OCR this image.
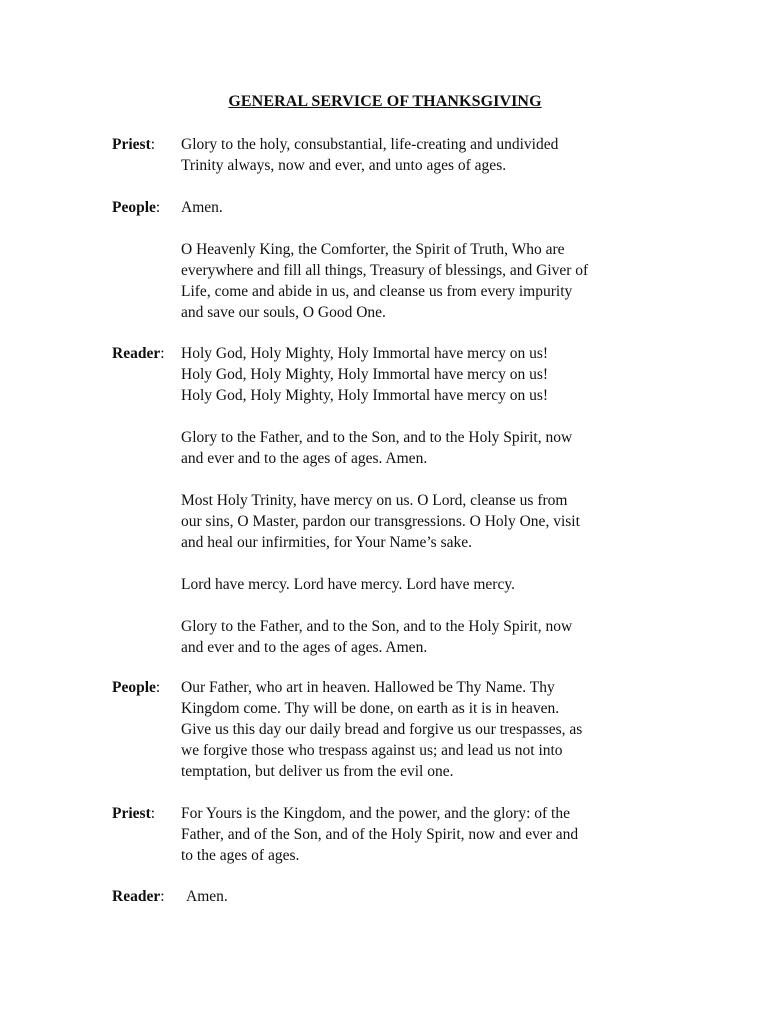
GENERAL SERVICE OF THANKSGIVING
Priest: Glory to the holy, consubstantial, life-creating and undivided
Trinity always, now and ever, and unto ages of ages.
People: Amen.
O Heavenly King, the Comforter, the Spirit of Truth, Who are
everywhere and fill all things, Treasury of blessings, and Giver of
Life, come and abide in us, and cleanse us from every impurity
and save our souls, O Good One.
Reader: Holy God, Holy Mighty, Holy Immortal have mercy on us!
Holy God, Holy Mighty, Holy Immortal have mercy on us!
Holy God, Holy Mighty, Holy Immortal have mercy on us!
Glory to the Father, and to the Son, and to the Holy Spirit, now
and ever and to the ages of ages. Amen.
Most Holy Trinity, have mercy on us. O Lord, cleanse us from
our sins, O Master, pardon our transgressions. O Holy One, visit
and heal our infirmities, for Your Name’s sake.
Lord have mercy. Lord have mercy. Lord have mercy.
Glory to the Father, and to the Son, and to the Holy Spirit, now
and ever and to the ages of ages. Amen.
People: Our Father, who art in heaven. Hallowed be Thy Name. Thy
Kingdom come. Thy will be done, on earth as it is in heaven.
Give us this day our daily bread and forgive us our trespasses, as
we forgive those who trespass against us; and lead us not into
temptation, but deliver us from the evil one.
Priest: For Yours is the Kingdom, and the power, and the glory: of the
Father, and of the Son, and of the Holy Spirit, now and ever and
to the ages of ages.
Reader: Amen.
